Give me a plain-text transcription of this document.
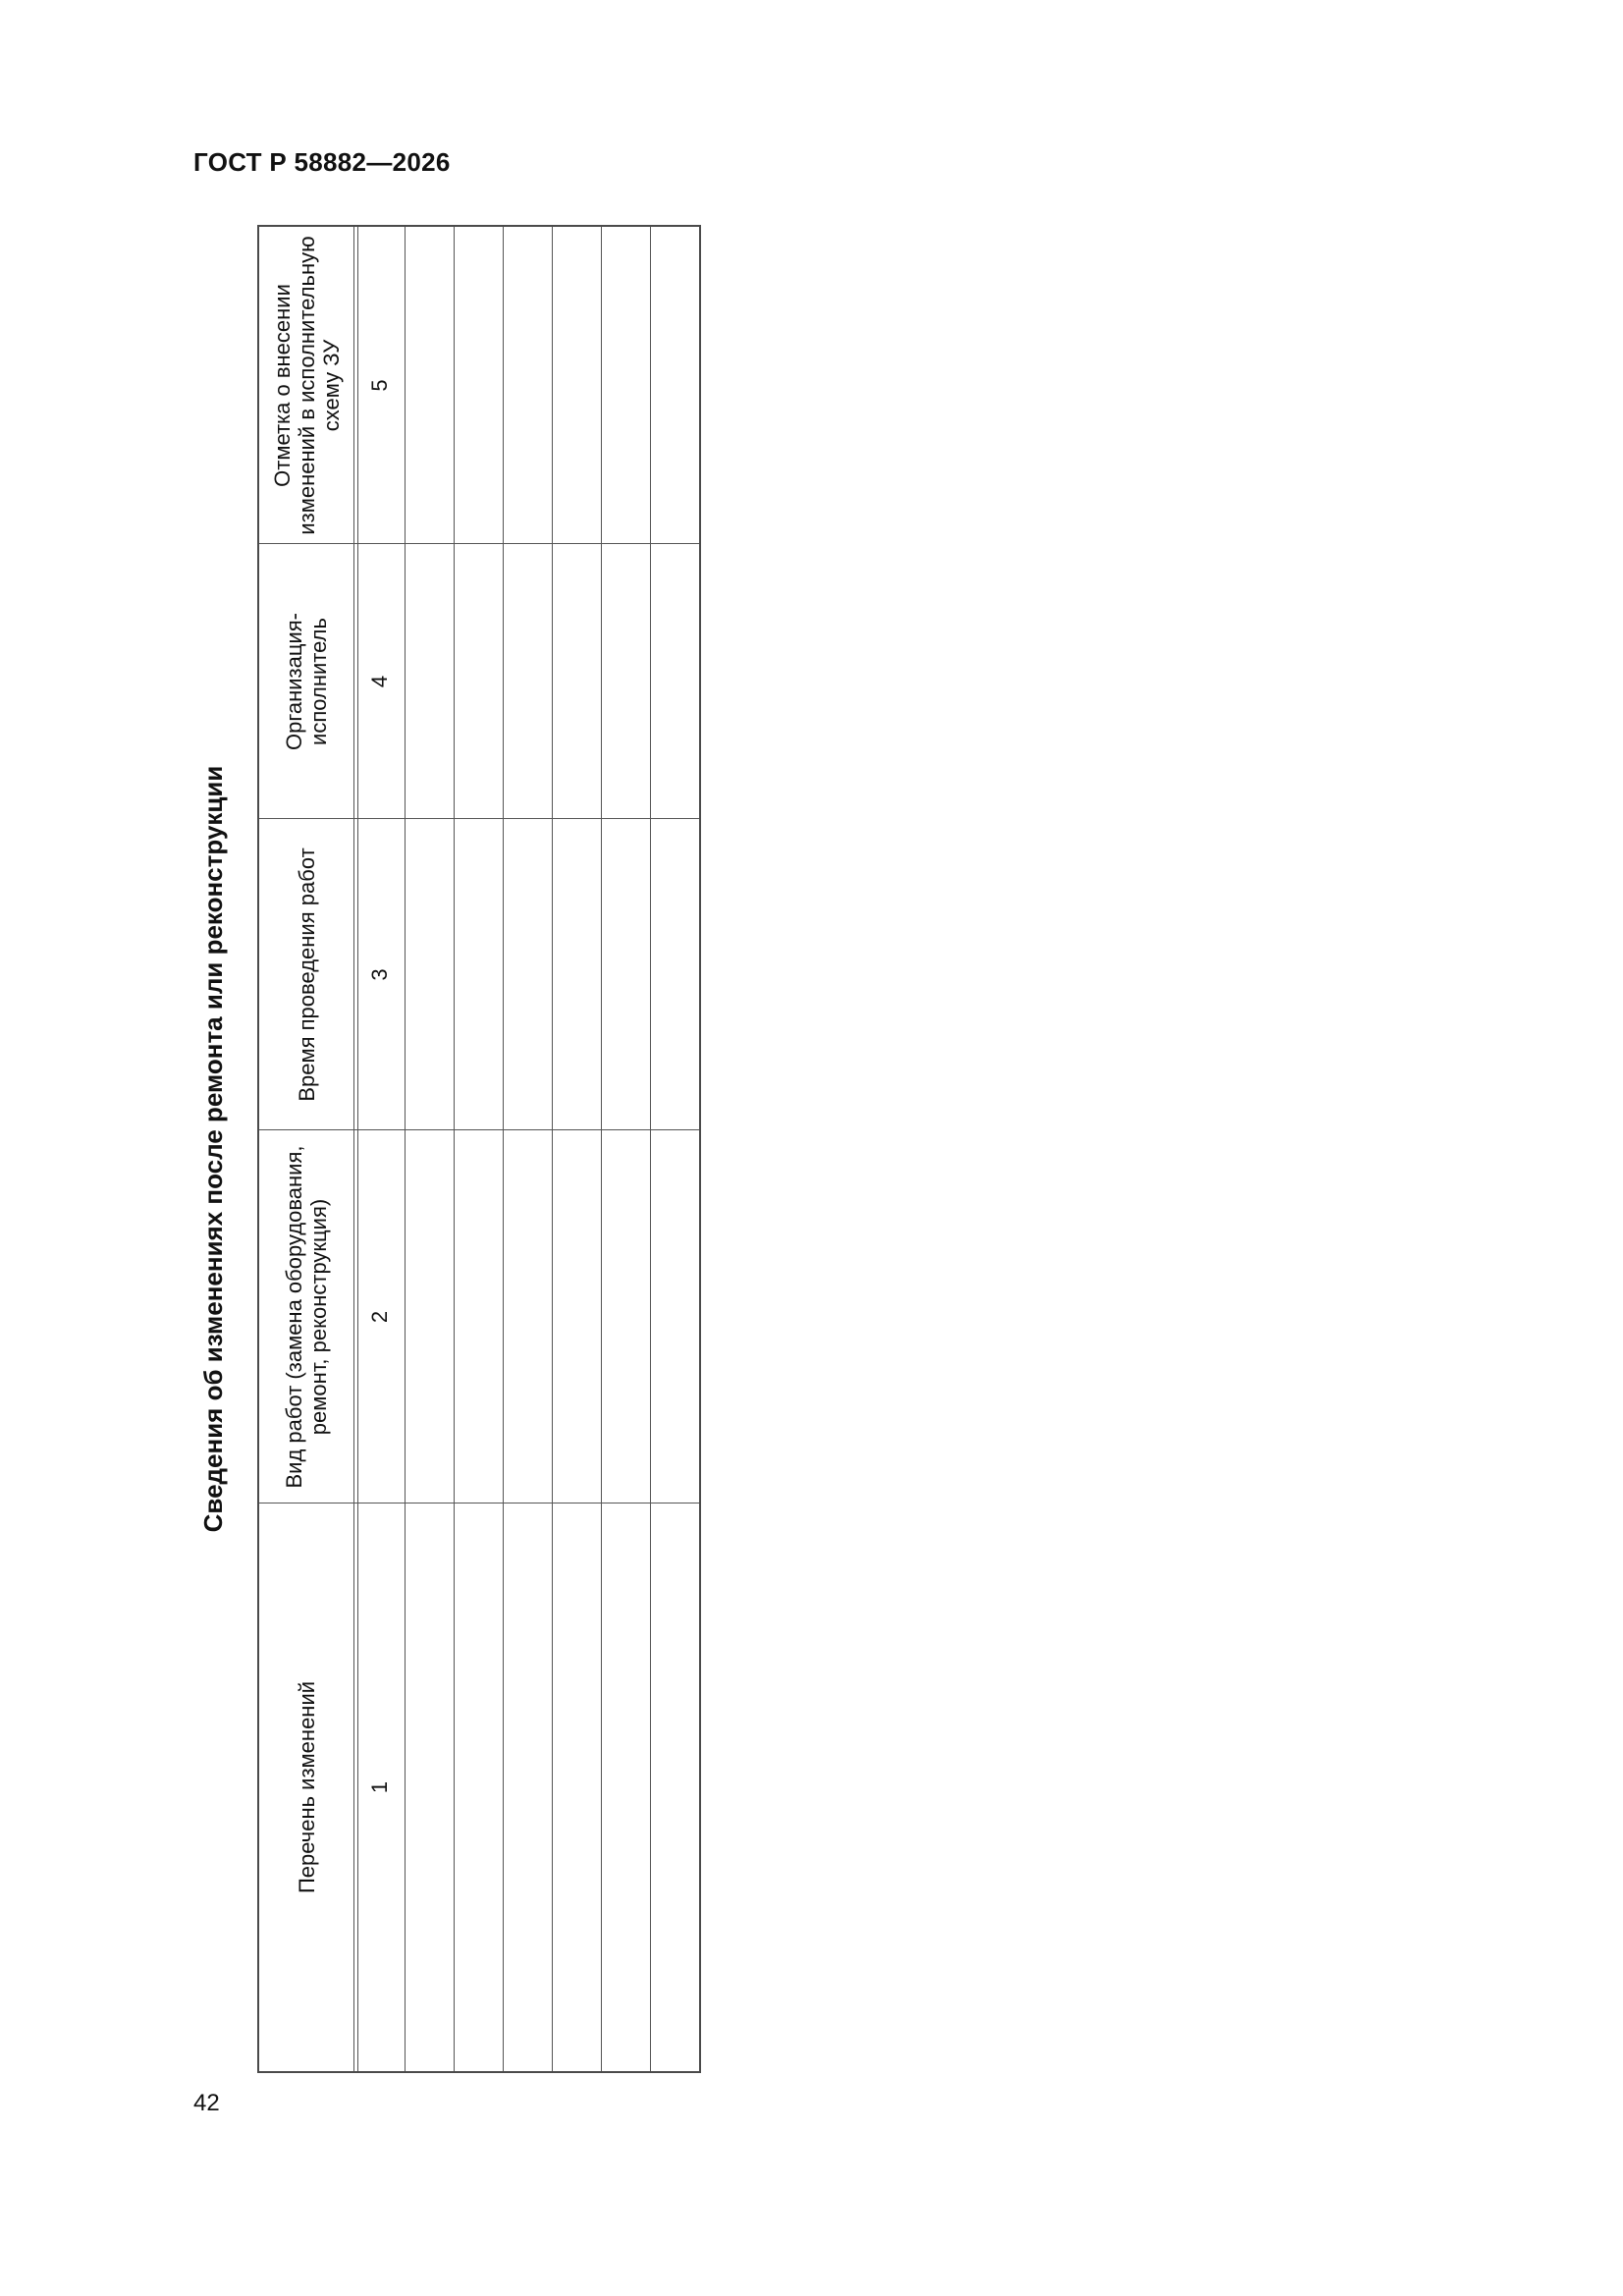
ГОСТ Р 58882—2026
Сведения об изменениях после ремонта или реконструкции
Перечень изменений
Вид работ (замена оборудования, ремонт, реконструкция)
Время проведения работ
Организация-исполнитель
Отметка о внесении изменений в исполнительную схему ЗУ
1
2
3
4
5
42
